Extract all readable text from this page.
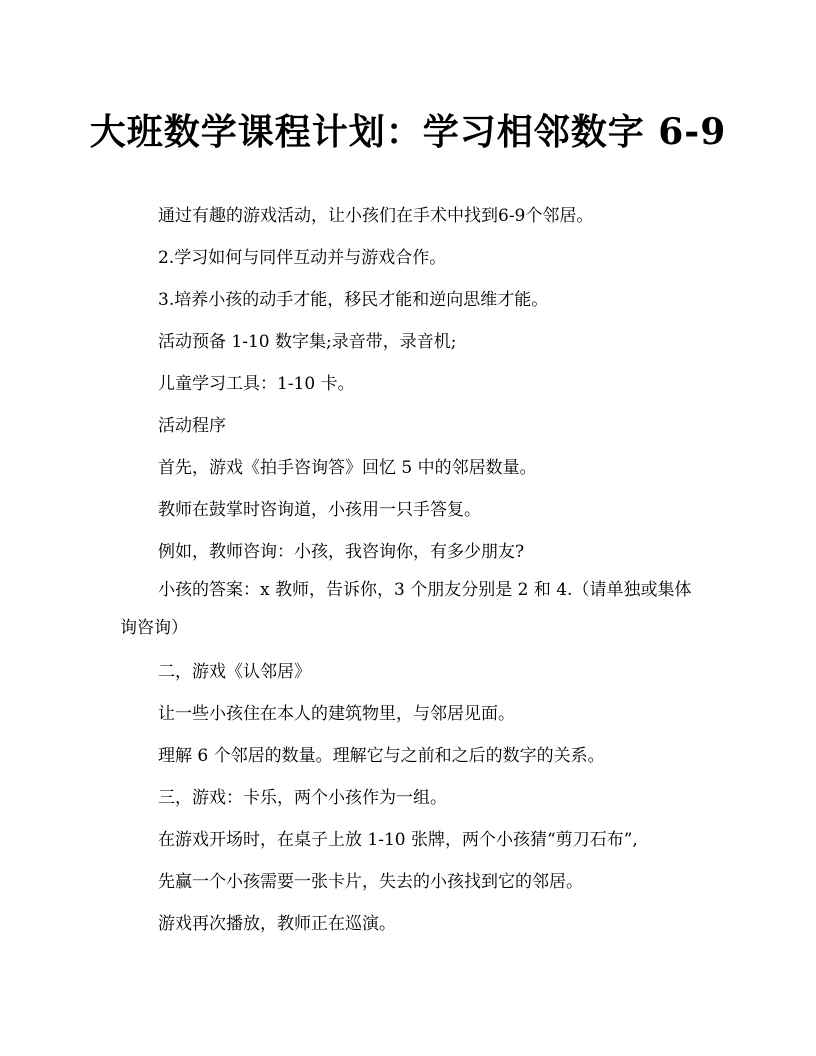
大班数学课程计划：学习相邻数字 6-9
通过有趣的游戏活动，让小孩们在手术中找到6-9个邻居。
2.学习如何与同伴互动并与游戏合作。
3.培养小孩的动手才能，移民才能和逆向思维才能。
活动预备 1-10 数字集;录音带，录音机;
儿童学习工具：1-10 卡。
活动程序
首先，游戏《拍手咨询答》回忆 5 中的邻居数量。
教师在鼓掌时咨询道，小孩用一只手答复。
例如，教师咨询：小孩，我咨询你，有多少朋友?
小孩的答案：x 教师，告诉你，3 个朋友分别是 2 和 4.（请单独或集体询咨询）
二，游戏《认邻居》
让一些小孩住在本人的建筑物里，与邻居见面。
理解 6 个邻居的数量。理解它与之前和之后的数字的关系。
三，游戏：卡乐，两个小孩作为一组。
在游戏开场时，在桌子上放 1-10 张牌，两个小孩猜“剪刀石布”,
先赢一个小孩需要一张卡片，失去的小孩找到它的邻居。
游戏再次播放，教师正在巡演。
